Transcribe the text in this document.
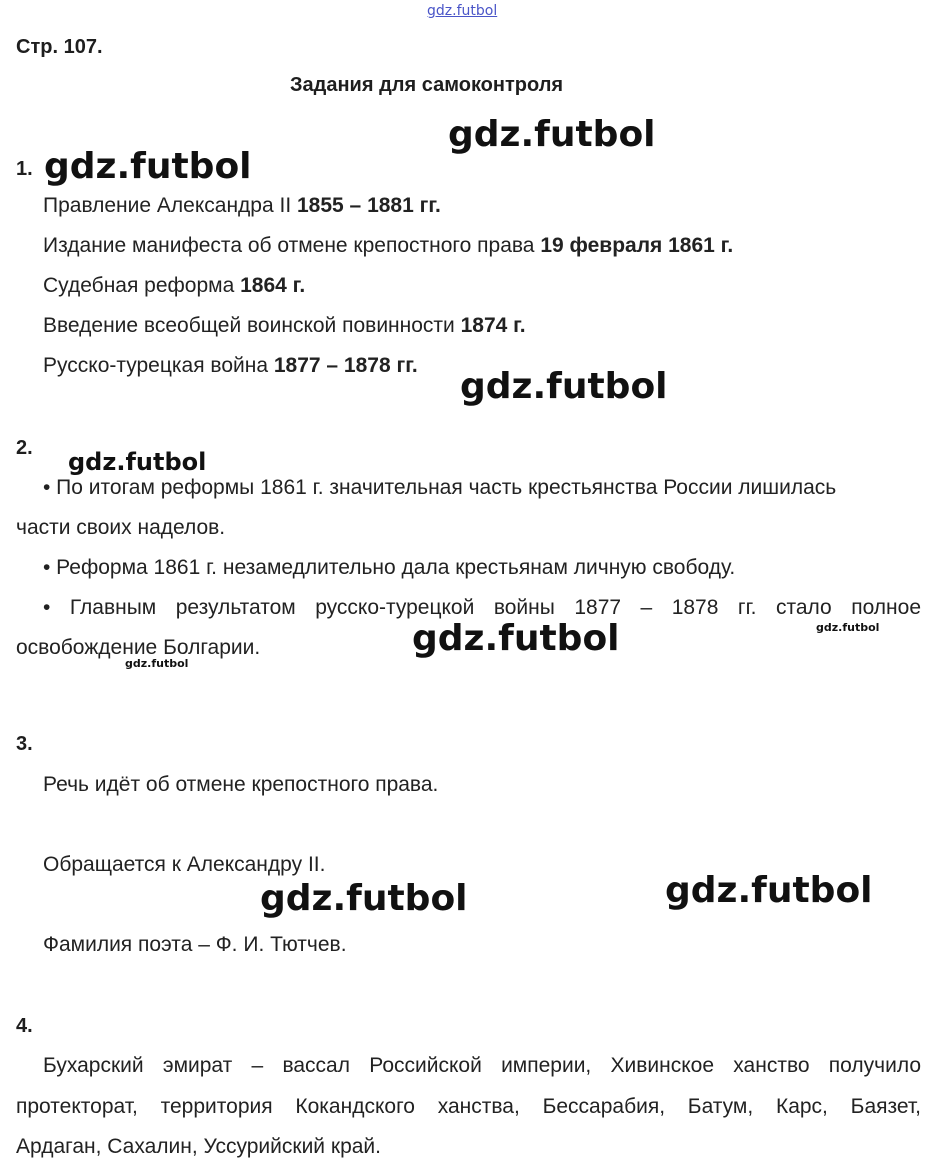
gdz.futbol
Стр. 107.
Задания для самоконтроля
1.
Правление Александра II 1855 – 1881 гг.
Издание манифеста об отмене крепостного права 19 февраля 1861 г.
Судебная реформа 1864 г.
Введение всеобщей воинской повинности 1874 г.
Русско-турецкая война 1877 – 1878 гг.
2.
• По итогам реформы 1861 г. значительная часть крестьянства России лишилась
части своих наделов.
• Реформа 1861 г. незамедлительно дала крестьянам личную свободу.
• Главным результатом русско-турецкой войны 1877 – 1878 гг. стало полное
освобождение Болгарии.
3.
Речь идёт об отмене крепостного права.
Обращается к Александру II.
Фамилия поэта – Ф. И. Тютчев.
4.
Бухарский эмират – вассал Российской империи, Хивинское ханство получило
протекторат, территория Кокандского ханства, Бессарабия, Батум, Карс, Баязет,
Ардаган, Сахалин, Уссурийский край.
gdz.futbol
gdz.futbol
gdz.futbol
gdz.futbol
gdz.futbol	gdz.futbol
gdz.futbol
gdz.futbol	gdz.futbol
